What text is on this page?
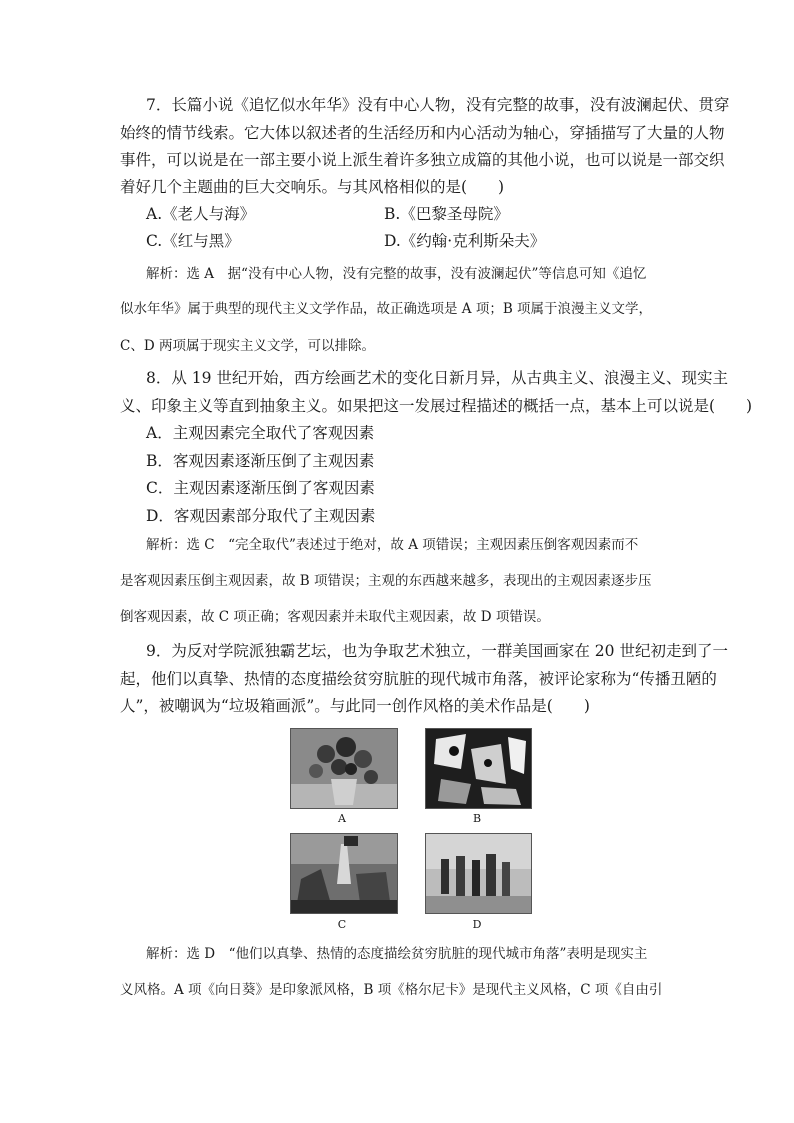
7．长篇小说《追忆似水年华》没有中心人物，没有完整的故事，没有波澜起伏、贯穿
始终的情节线索。它大体以叙述者的生活经历和内心活动为轴心，穿插描写了大量的人物
事件，可以说是在一部主要小说上派生着许多独立成篇的其他小说，也可以说是一部交织
着好几个主题曲的巨大交响乐。与其风格相似的是(　　)
A.《老人与海》	B.《巴黎圣母院》
C.《红与黑》	D.《约翰·克利斯朵夫》
解析：选 A　据“没有中心人物，没有完整的故事，没有波澜起伏”等信息可知《追忆
似水年华》属于典型的现代主义文学作品，故正确选项是 A 项；B 项属于浪漫主义文学，
C、D 两项属于现实主义文学，可以排除。
8．从 19 世纪开始，西方绘画艺术的变化日新月异，从古典主义、浪漫主义、现实主
义、印象主义等直到抽象主义。如果把这一发展过程描述的概括一点，基本上可以说是(　　)
A．主观因素完全取代了客观因素
B．客观因素逐渐压倒了主观因素
C．主观因素逐渐压倒了客观因素
D．客观因素部分取代了主观因素
解析：选 C　“完全取代”表述过于绝对，故 A 项错误；主观因素压倒客观因素而不
是客观因素压倒主观因素，故 B 项错误；主观的东西越来越多，表现出的主观因素逐步压
倒客观因素，故 C 项正确；客观因素并未取代主观因素，故 D 项错误。
9．为反对学院派独霸艺坛，也为争取艺术独立，一群美国画家在 20 世纪初走到了一
起，他们以真挚、热情的态度描绘贫穷肮脏的现代城市角落，被评论家称为“传播丑陋的
人”，被嘲讽为“垃圾箱画派”。与此同一创作风格的美术作品是(　　)
A	B
C	D
解析：选 D　“他们以真挚、热情的态度描绘贫穷肮脏的现代城市角落”表明是现实主
义风格。A 项《向日葵》是印象派风格，B 项《格尔尼卡》是现代主义风格，C 项《自由引
